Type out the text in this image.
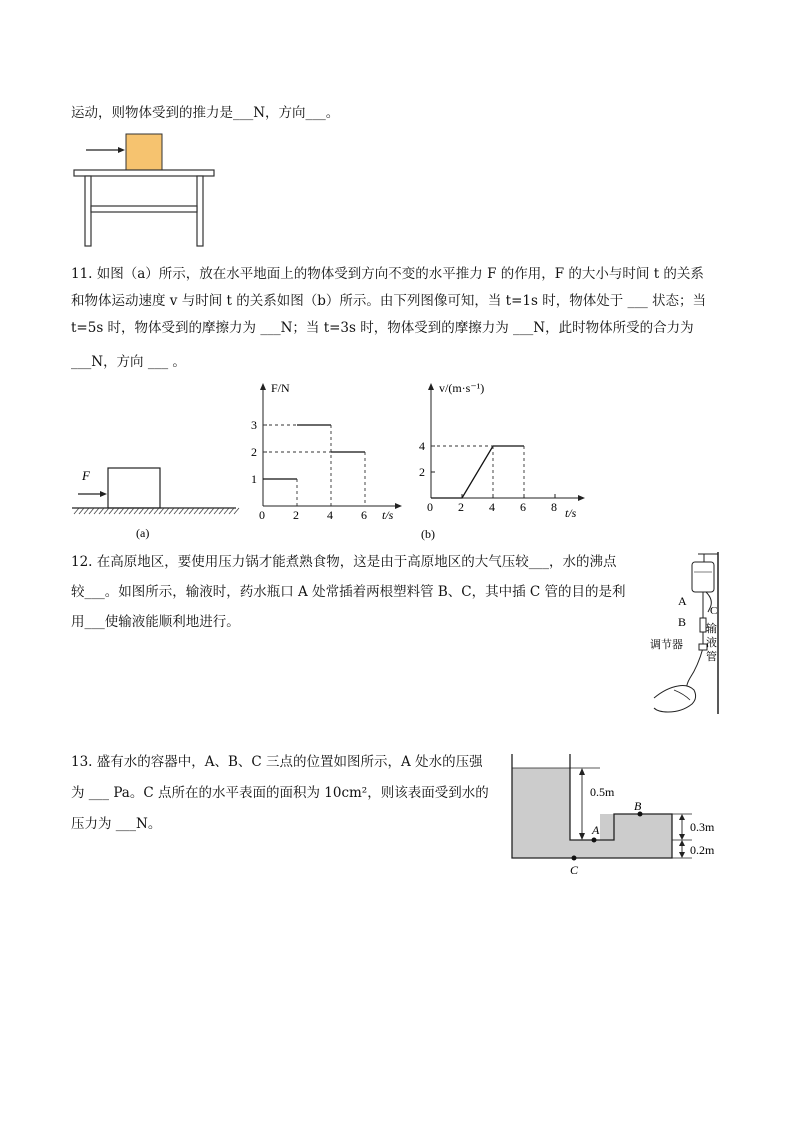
运动，则物体受到的推力是___N，方向___。
11. 如图（a）所示，放在水平地面上的物体受到方向不变的水平推力 F 的作用，F 的大小与时间 t 的关系
和物体运动速度 v 与时间 t 的关系如图（b）所示。由下列图像可知，当 t=1s 时，物体处于 ___ 状态；当
t=5s 时，物体受到的摩擦力为 ___N；当 t=3s 时，物体受到的摩擦力为 ___N，此时物体所受的合力为
___N，方向 ___ 。
F
(a)
F/N
t/s
0 2 4 6
1
2
3
v/(m·s⁻¹)
t/s
(b)
0 2 4 6 8
2
4
12. 在高原地区，要使用压力锅才能煮熟食物，这是由于高原地区的大气压较___，水的沸点
较___。如图所示，输液时，药水瓶口 A 处常插着两根塑料管 B、C，其中插 C 管的目的是利
用___使输液能顺利地进行。
A
B
C
调节器
输
液
管
13. 盛有水的容器中，A、B、C 三点的位置如图所示，A 处水的压强
为 ___ Pa。C 点所在的水平表面的面积为 10cm²，则该表面受到水的
压力为 ___N。
0.5m
0.3m
0.2m
A
B
C
